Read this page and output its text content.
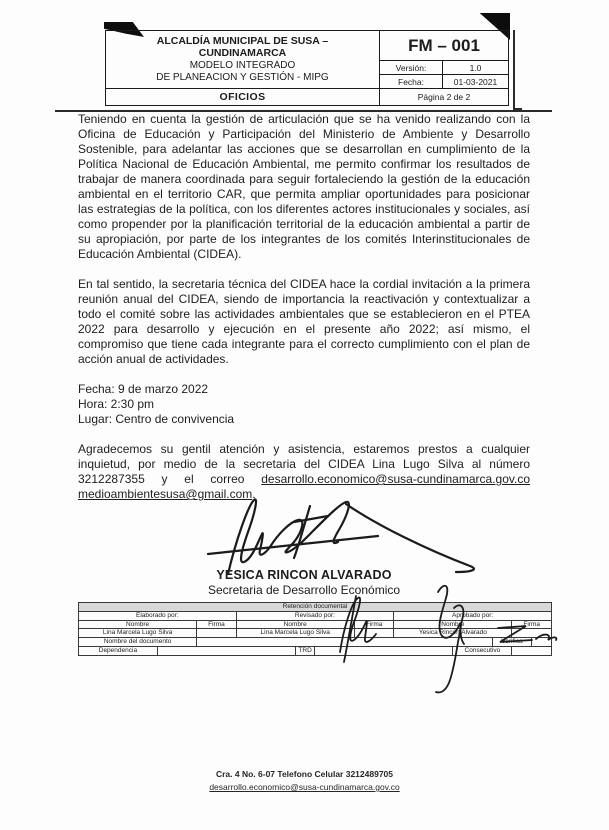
ALCALDÍA MUNICIPAL DE SUSA –
CUNDINAMARCA
MODELO INTEGRADO
DE PLANEACION Y GESTIÓN - MIPG
OFICIOS
FM – 001
Versión:	1.0
Fecha:	01-03-2021
Página 2 de 2

Teniendo en cuenta la gestión de articulación que se ha venido realizando con la Oficina de Educación y Participación del Ministerio de Ambiente y Desarrollo Sostenible, para adelantar las acciones que se desarrollan en cumplimiento de la Política Nacional de Educación Ambiental, me permito confirmar los resultados de trabajar de manera coordinada para seguir fortaleciendo la gestión de la educación ambiental en el territorio CAR, que permita ampliar oportunidades para posicionar las estrategias de la política, con los diferentes actores institucionales y sociales, así como propender por la planificación territorial de la educación ambiental a partir de su apropiación, por parte de los integrantes de los comités Interinstitucionales de Educación Ambiental (CIDEA).

En tal sentido, la secretaria técnica del CIDEA hace la cordial invitación a la primera reunión anual del CIDEA, siendo de importancia la reactivación y contextualizar a todo el comité sobre las actividades ambientales que se establecieron en el PTEA 2022 para desarrollo y ejecución en el presente año 2022; así mismo, el compromiso que tiene cada integrante para el correcto cumplimiento con el plan de acción anual de actividades.

Fecha: 9 de marzo 2022

Hora: 2:30 pm

Lugar: Centro de convivencia

Agradecemos su gentil atención y asistencia, estaremos prestos a cualquier inquietud, por medio de la secretaria del CIDEA Lina Lugo Silva al número 3212287355 y el correo desarrollo.economico@susa-cundinamarca.gov.co medioambientesusa@gmail.com.

YESICA RINCON ALVARADO
Secretaria de Desarrollo Económico
Retención documental											
Elaborado por:			Revisado por:				Aprobado por:				
Nombre		Firma	Nombre			Firma	Nombre			Firma	
Lina Marcela Lugo Silva			Lina Marcela Lugo Silva				Yesica Rincón Alvarado				
Nombre del documento									Verifica		
Dependencia				TRD				Consecutivo			
Cra. 4 No. 6-07 Telefono Celular 3212489705
desarrollo.economico@susa-cundinamarca.gov.co
